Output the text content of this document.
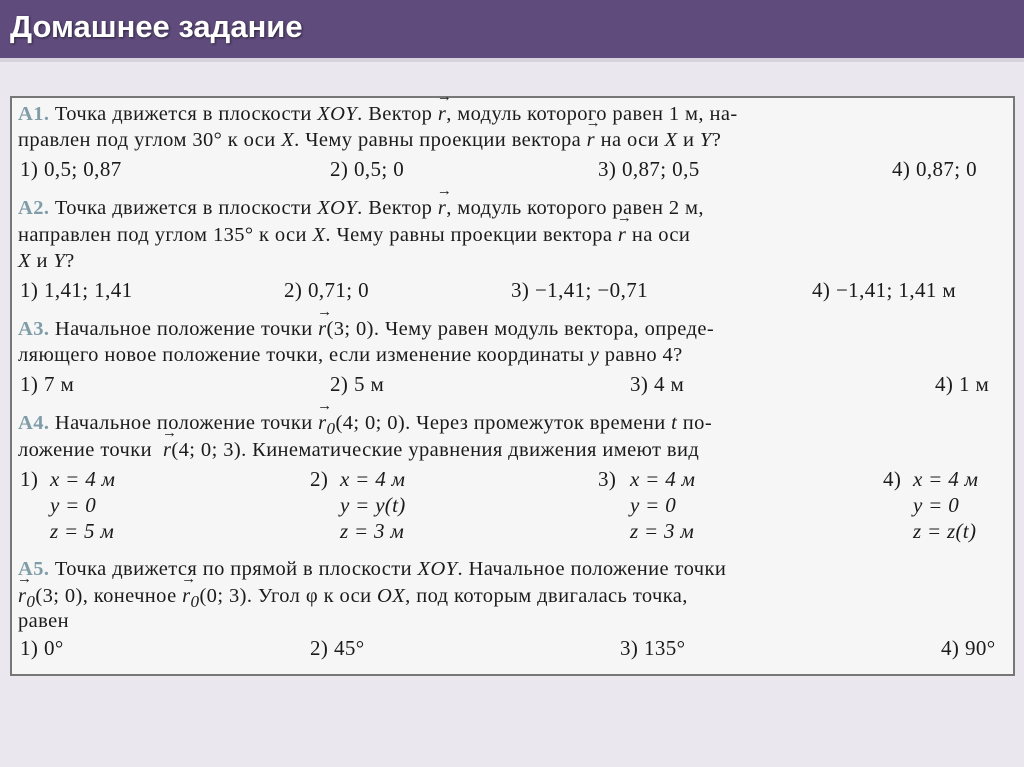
Домашнее задание
А1. Точка движется в плоскости XOY. Вектор → r, модуль которого равен 1 м, на-
правлен под углом 30° к оси X. Чему равны проекции вектора → r на оси X и Y?
1) 0,5; 0,87	2) 0,5; 0	3) 0,87; 0,5	4) 0,87; 0
А2. Точка движется в плоскости XOY. Вектор → r, модуль которого равен 2 м,
направлен под углом 135° к оси X. Чему равны проекции вектора → r на оси
X и Y?
1) 1,41; 1,41	2) 0,71; 0	3) −1,41; −0,71	4) −1,41; 1,41 м
А3. Начальное положение точки → r(3; 0). Чему равен модуль вектора, опреде-
ляющего новое положение точки, если изменение координаты y равно 4?
1) 7 м	2) 5 м	3) 4 м	4) 1 м
А4. Начальное положение точки → $r_0(4$; 0; 0). Через промежуток времени t по-
ложение точки  → r(4; 0; 3). Кинематические уравнения движения имеют вид
1) x = 4 м
y = 0
z = 5 м
2) x = 4 м
y = y(t)
z = 3 м
3) x = 4 м
y = 0
z = 3 м
4) x = 4 м
y = 0
z = z(t)
А5. Точка движется по прямой в плоскости XOY. Начальное положение точки
→ $r_0(3$; 0), конечное → $r_0(0$; 3). Угол φ к оси OX, под которым двигалась точка,
равен
1) 0°	2) 45°	3) 135°	4) 90°
